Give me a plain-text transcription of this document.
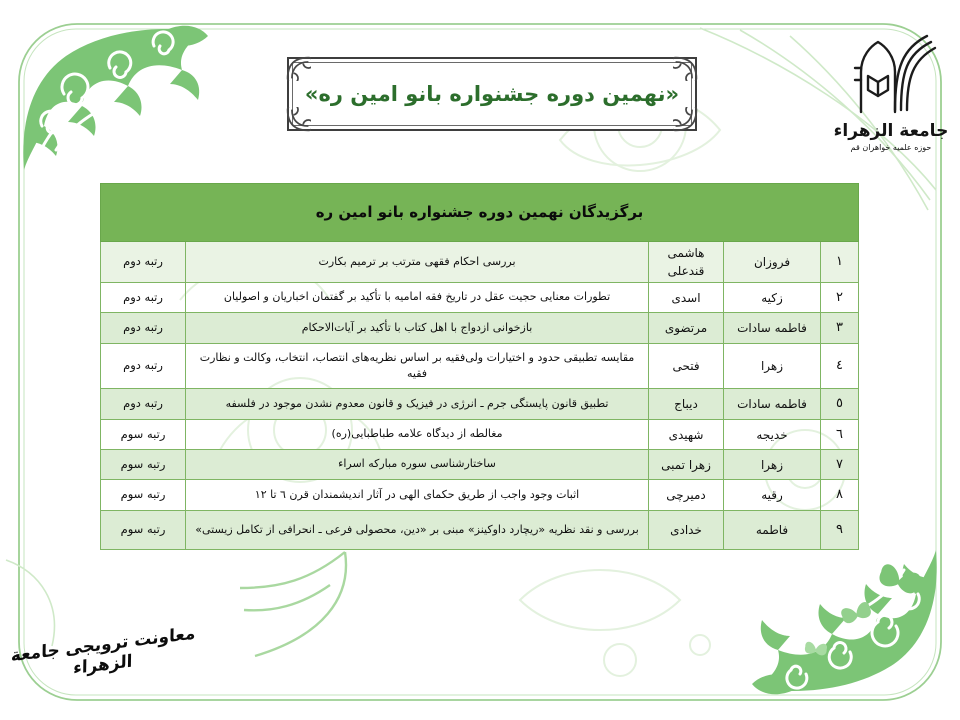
«نهمین دوره جشنواره بانو امین ره»
جامعة الزهراء
حوزه علمیه خواهران قم
برگزیدگان نهمین دوره جشنواره بانو امین ره				
١	فروزان	هاشمی قندعلی	بررسی احکام فقهی مترتب بر ترمیم بکارت	رتبه دوم
٢	زکیه	اسدی	تطورات معنایی حجیت عقل در تاریخ فقه امامیه با تأکید بر گفتمان اخباریان و اصولیان	رتبه دوم
٣	فاطمه سادات	مرتضوی	بازخوانی ازدواج با اهل کتاب با تأکید بر آیات‌الاحکام	رتبه دوم
٤	زهرا	فتحی	مقایسه تطبیقی حدود و اختیارات ولی‌فقیه بر اساس نظریه‌های انتصاب، انتخاب، وکالت و نظارت فقیه	رتبه دوم
٥	فاطمه سادات	دیباج	تطبیق قانون پایستگی جرم ـ انرژی در فیزیک و قانون معدوم نشدن موجود در فلسفه	رتبه دوم
٦	خدیجه	شهیدی	مغالطه از دیدگاه علامه طباطبایی(ره)	رتبه سوم
٧	زهرا	زهرا تمبی	ساختارشناسی سوره مبارکه اسراء	رتبه سوم
٨	رقیه	دمیرچی	اثبات وجود واجب از طریق حکمای الهی در آثار اندیشمندان قرن ٦ تا ١٢	رتبه سوم
٩	فاطمه	خدادی	بررسی و نقد نظریه «ریچارد داوکینز» مبنی بر «دین، محصولی فرعی ـ انحرافی از تکامل زیستی»	رتبه سوم
معاونت ترویجی جامعة الزهراء
